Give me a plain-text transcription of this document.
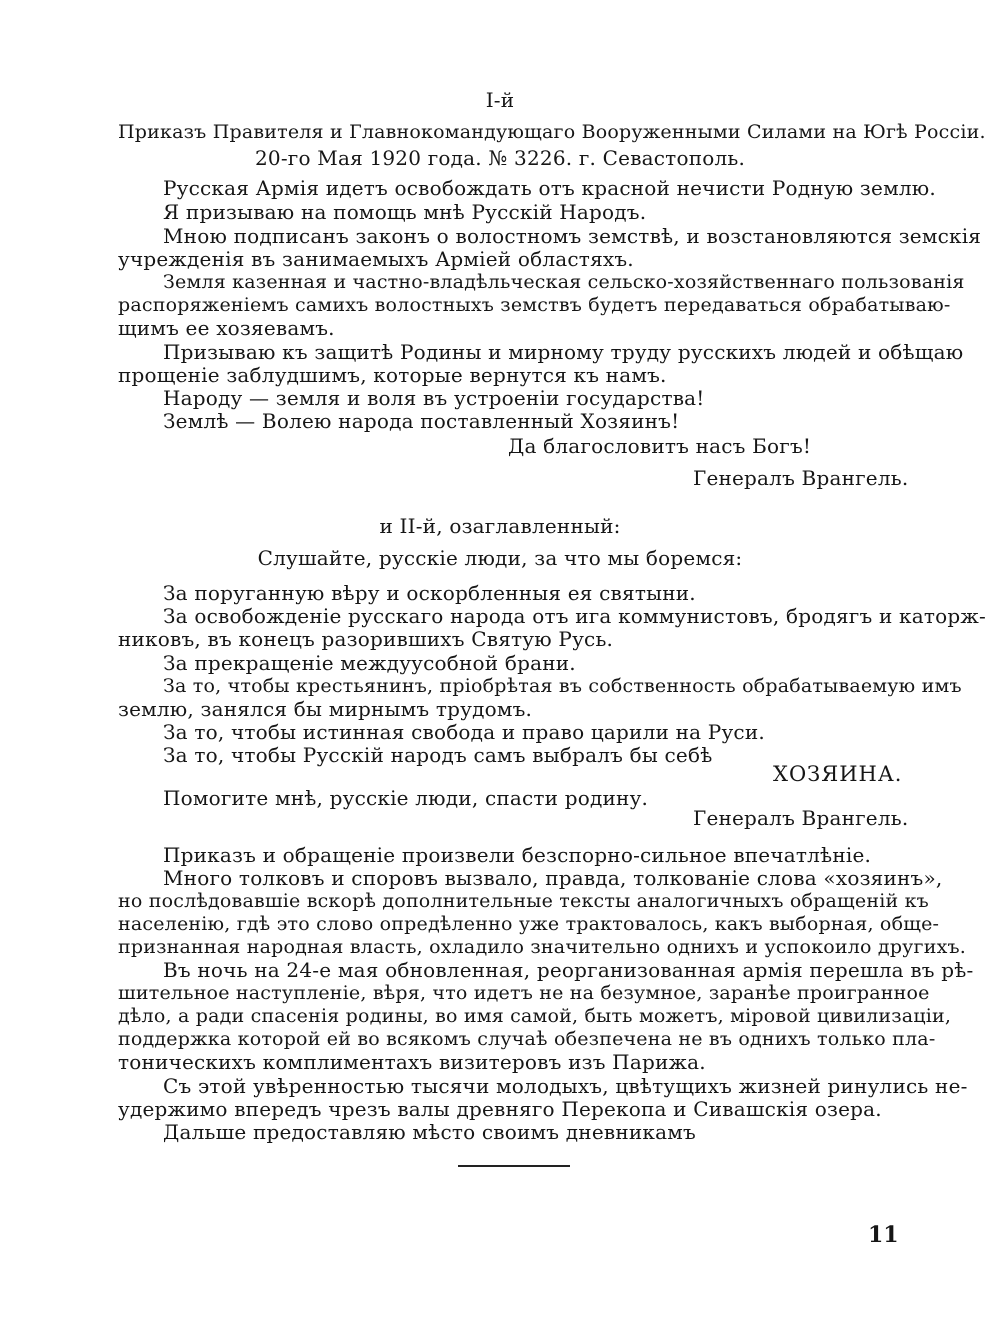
I-й
Приказъ Правителя и Главнокомандующаго Вооруженными Силами на Югѣ Россіи.
20-го Мая 1920 года. № 3226. г. Севастополь.
Русская Армія идетъ освобождать отъ красной нечисти Родную землю.
Я призываю на помощь мнѣ Русскій Народъ.
Мною подписанъ законъ о волостномъ земствѣ, и возстановляются земскія
учрежденія въ занимаемыхъ Арміей областяхъ.
Земля казенная и частно-владѣльческая сельско-хозяйственнаго пользованія
распоряженіемъ самихъ волостныхъ земствъ будетъ передаваться обрабатываю-
щимъ ее хозяевамъ.
Призываю къ защитѣ Родины и мирному труду русскихъ людей и обѣщаю
прощеніе заблудшимъ, которые вернутся къ намъ.
Народу — земля и воля въ устроеніи государства!
Землѣ — Волею народа поставленный Хозяинъ!
Да благословитъ насъ Богъ!
Генералъ Врангель.
и II-й, озаглавленный:
Слушайте, русскіе люди, за что мы боремся:
За поруганную вѣру и оскорбленныя ея святыни.
За освобожденіе русскаго народа отъ ига коммунистовъ, бродягъ и каторж-
никовъ, въ конецъ разорившихъ Святую Русь.
За прекращеніе междуусобной брани.
За то, чтобы крестьянинъ, пріобрѣтая въ собственность обрабатываемую имъ
землю, занялся бы мирнымъ трудомъ.
За то, чтобы истинная свобода и право царили на Руси.
За то, чтобы Русскій народъ самъ выбралъ бы себѣ
ХОЗЯИНА.
Помогите мнѣ, русскіе люди, спасти родину.
Генералъ Врангель.
Приказъ и обращеніе произвели безспорно-сильное впечатлѣніе.
Много толковъ и споровъ вызвало, правда, толкованіе слова «хозяинъ»,
но послѣдовавшіе вскорѣ дополнительные тексты аналогичныхъ обращеній къ
населенію, гдѣ это слово опредѣленно уже трактовалось, какъ выборная, обще-
признанная народная власть, охладило значительно однихъ и успокоило другихъ.
Въ ночь на 24-е мая обновленная, реорганизованная армія перешла въ рѣ-
шительное наступленіе, вѣря, что идетъ не на безумное, заранѣе проигранное
дѣло, а ради спасенія родины, во имя самой, быть можетъ, міровой цивилизаціи,
поддержка которой ей во всякомъ случаѣ обезпечена не въ однихъ только пла-
тоническихъ комплиментахъ визитеровъ изъ Парижа.
Съ этой увѣренностью тысячи молодыхъ, цвѣтущихъ жизней ринулись не-
удержимо впередъ чрезъ валы древняго Перекопа и Сивашскія озера.
Дальше предоставляю мѣсто своимъ дневникамъ
11
